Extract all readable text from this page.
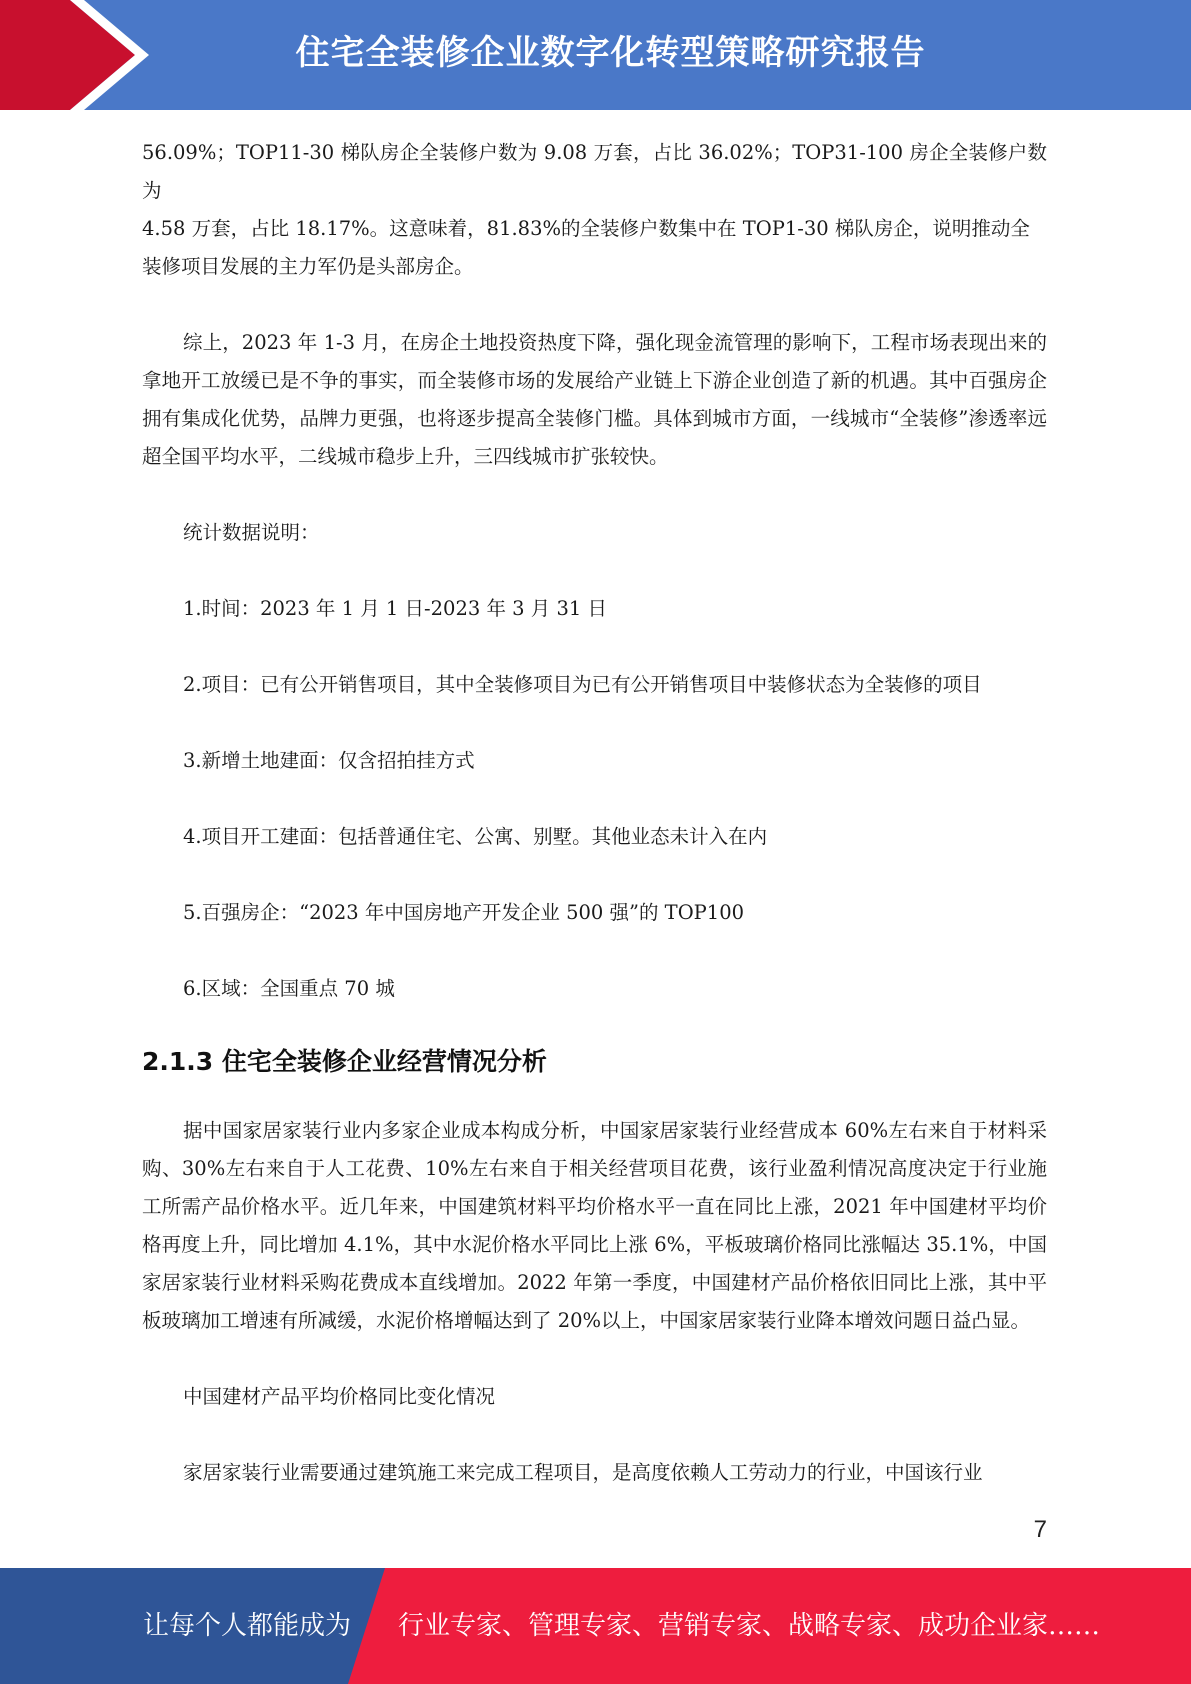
住宅全装修企业数字化转型策略研究报告

56.09%；TOP11-30 梯队房企全装修户数为 9.08 万套，占比 36.02%；TOP31-100 房企全装修户数为
4.58 万套，占比 18.17%。这意味着，81.83%的全装修户数集中在 TOP1-30 梯队房企，说明推动全
装修项目发展的主力军仍是头部房企。

综上，2023 年 1-3 月，在房企土地投资热度下降，强化现金流管理的影响下，工程市场表现出来的拿地开工放缓已是不争的事实，而全装修市场的发展给产业链上下游企业创造了新的机遇。其中百强房企拥有集成化优势，品牌力更强，也将逐步提高全装修门槛。具体到城市方面，一线城市“全装修”渗透率远超全国平均水平，二线城市稳步上升，三四线城市扩张较快。

统计数据说明：

1.时间：2023 年 1 月 1 日-2023 年 3 月 31 日

2.项目：已有公开销售项目，其中全装修项目为已有公开销售项目中装修状态为全装修的项目

3.新增土地建面：仅含招拍挂方式

4.项目开工建面：包括普通住宅、公寓、别墅。其他业态未计入在内

5.百强房企：“2023 年中国房地产开发企业 500 强”的 TOP100

6.区域：全国重点 70 城

2.1.3 住宅全装修企业经营情况分析

据中国家居家装行业内多家企业成本构成分析，中国家居家装行业经营成本 60%左右来自于材料采购、30%左右来自于人工花费、10%左右来自于相关经营项目花费，该行业盈利情况高度决定于行业施工所需产品价格水平。近几年来，中国建筑材料平均价格水平一直在同比上涨，2021 年中国建材平均价格再度上升，同比增加 4.1%，其中水泥价格水平同比上涨 6%，平板玻璃价格同比涨幅达 35.1%，中国家居家装行业材料采购花费成本直线增加。2022 年第一季度，中国建材产品价格依旧同比上涨，其中平板玻璃加工增速有所减缓，水泥价格增幅达到了 20%以上，中国家居家装行业降本增效问题日益凸显。

中国建材产品平均价格同比变化情况

家居家装行业需要通过建筑施工来完成工程项目，是高度依赖人工劳动力的行业，中国该行业

7
让每个人都能成为 行业专家、管理专家、营销专家、战略专家、成功企业家……
